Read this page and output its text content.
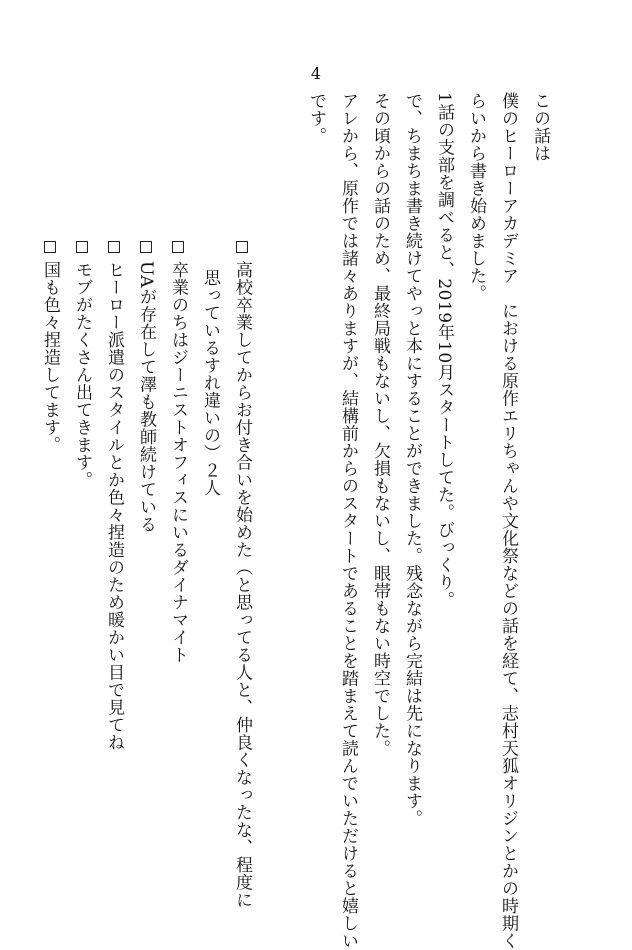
4
この話は
僕のヒーローアカデミア　における原作エリちゃんや文化祭などの話を経て、志村天狐オリジンとかの時期く
らいから書き始めました。
1話の支部を調べると、2019年10月スタートしてた。びっくり。
で、ちまちま書き続けてやっと本にすることができました。残念ながら完結は先になります。
その頃からの話のため、最終局戦もないし、欠損もないし、眼帯もない時空でした。
アレから、原作では諸々ありますが、結構前からのスタートであることを踏まえて読んでいただけると嬉しい
です。
高校卒業してからお付き合いを始めた（と思ってる人と、仲良くなったな、程度に
思っているすれ違いの）２人
卒業のちはジーニストオフィスにいるダイナマイト
UAが存在して澤も教師続けている
ヒーロー派遣のスタイルとか色々捏造のため暖かい目で見てね
モブがたくさん出てきます。
国も色々捏造してます。
